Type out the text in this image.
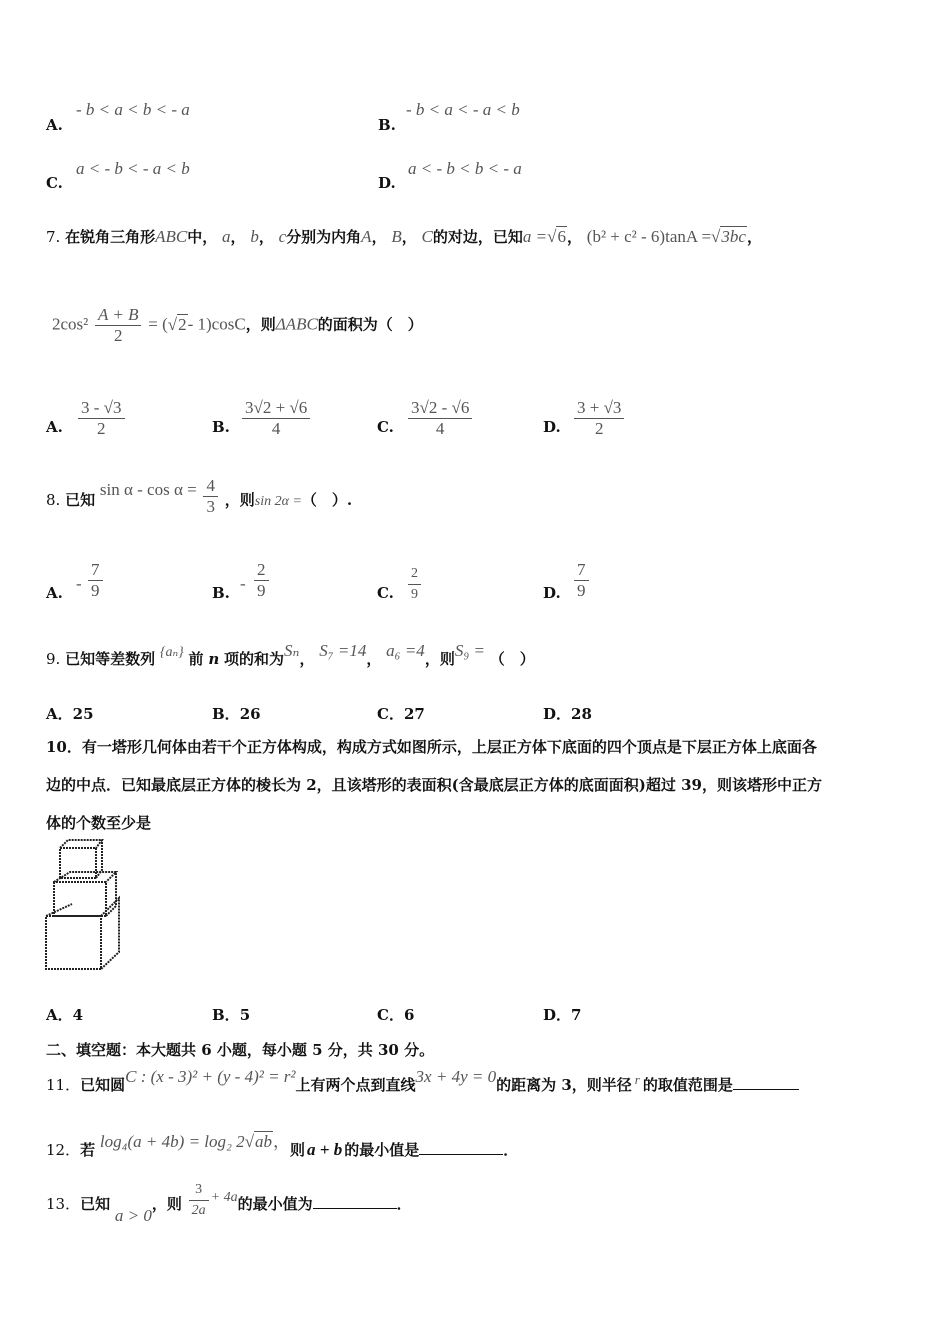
A.
- b < a < b < - a
B.
- b < a < - a < b
C.
a < - b < - a < b
D.
a < - b < b < - a
7. 在锐角三角形ABC中， a， b， c分别为内角A， B， C的对边，已知a =√6， (b² + c² - 6)tanA =√3bc，
$2\cos^2 \frac{A + B}{2} = (√2-$ 1)cosC，则ΔABC的面积为（　）
A. $\frac{3 - √3}{2}$	B. $\frac{3√2 + √6}{4}$	C. $\frac{3√2 - √6}{4}$	D. $\frac{3 + √3}{2}$
8. 已知 $\sin \alpha - \cos \alpha = \frac{4}{3}$ ，则sin 2α =（　）.
A. - $\frac{7}{9}$	B. - $\frac{2}{9}$	C. $\frac{2}{9}$	D. $\frac{7}{9}$
9. 已知等差数列 {aₙ} 前 n 项的和为Sₙ， S₇ =14， a₆ =4，则S₉ = （　）
A．25	B．26	C．27	D．28
10．有一塔形几何体由若干个正方体构成，构成方式如图所示，上层正方体下底面的四个顶点是下层正方体上底面各
边的中点．已知最底层正方体的棱长为 2，且该塔形的表面积(含最底层正方体的底面面积)超过 39，则该塔形中正方
体的个数至少是
A．4	B．5	C．6	D．7
二、填空题：本大题共 6 小题，每小题 5 分，共 30 分。
11．已知圆C : (x - 3)² + (y - 4)² = r²上有两个点到直线3x + 4y = 0的距离为 3，则半径 r 的取值范围是
12．若 log₄(a + 4b) = log₂ 2√ab，则 a + b 的最小值是	．
13．已知 a > 0，则 $\frac{3}{2a} + 4a$的最小值为	．
